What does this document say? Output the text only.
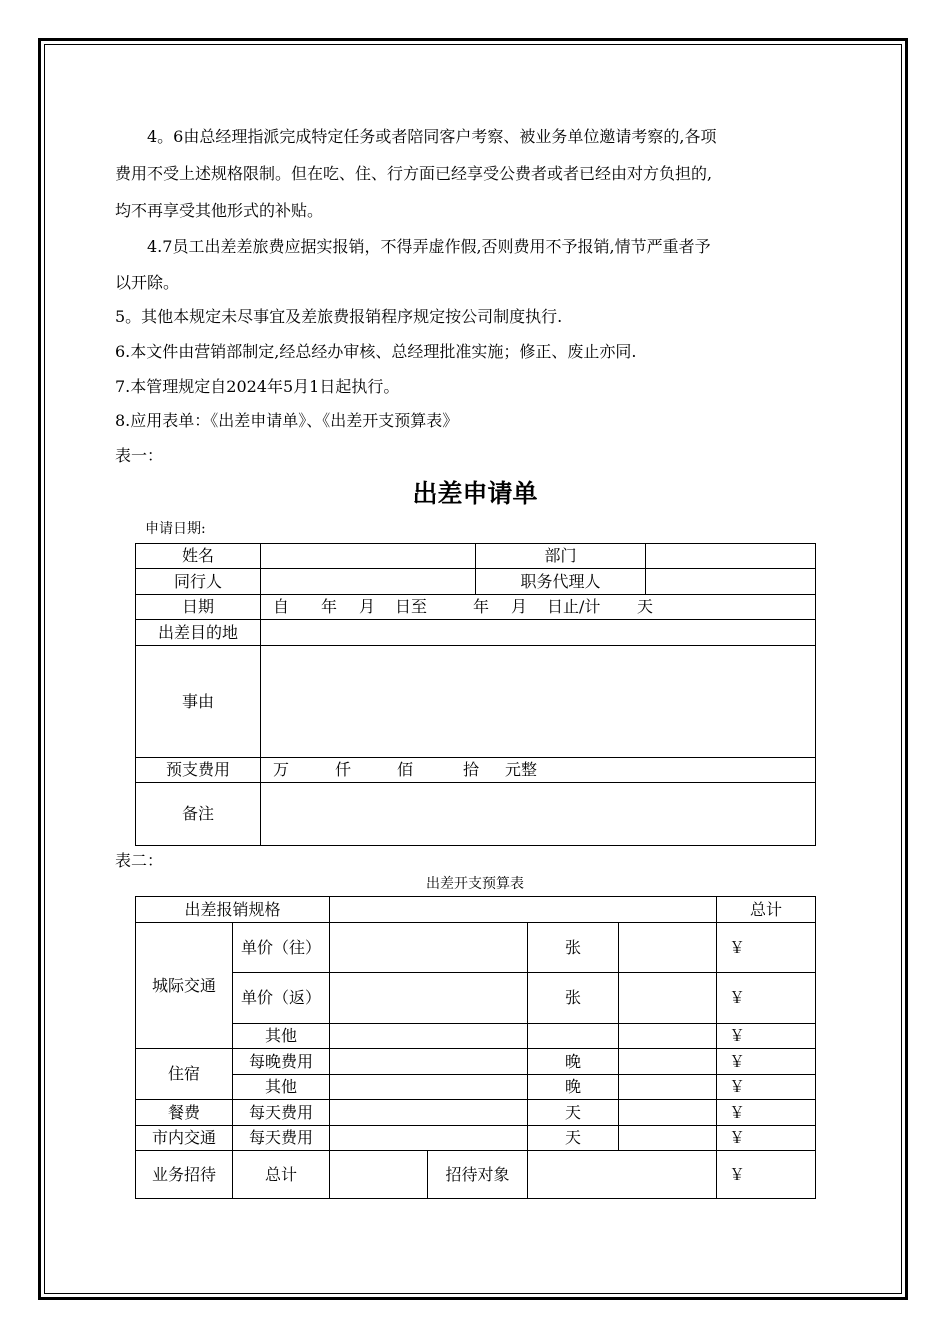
4。6由总经理指派完成特定任务或者陪同客户考察、被业务单位邀请考察的,各项
费用不受上述规格限制。但在吃、住、行方面已经享受公费者或者已经由对方负担的,
均不再享受其他形式的补贴。
4.7员工出差差旅费应据实报销，不得弄虚作假,否则费用不予报销,情节严重者予
以开除。
5。其他本规定未尽事宜及差旅费报销程序规定按公司制度执行.
6.本文件由营销部制定,经总经办审核、总经理批准实施；修正、废止亦同.
7.本管理规定自2024年5月1日起执行。
8.应用表单：《出差申请单》、《出差开支预算表》
表一：
出差申请单
申请日期:
姓名		部门	
同行人		职务代理人	
日期	自 年 月 日至 年 月 日止/计 天		
出差目的地			
事由			
预支费用	万 仟 佰 拾 元整		
备注			
表二：
出差开支预算表
出差报销规格						总计
城际交通	单价（往）			张		￥
	单价（返）			张		￥
	其他					￥
住宿	每晚费用			晚		￥
	其他			晚		￥
餐费	每天费用			天		￥
市内交通	每天费用			天		￥
业务招待	总计		招待对象			￥
